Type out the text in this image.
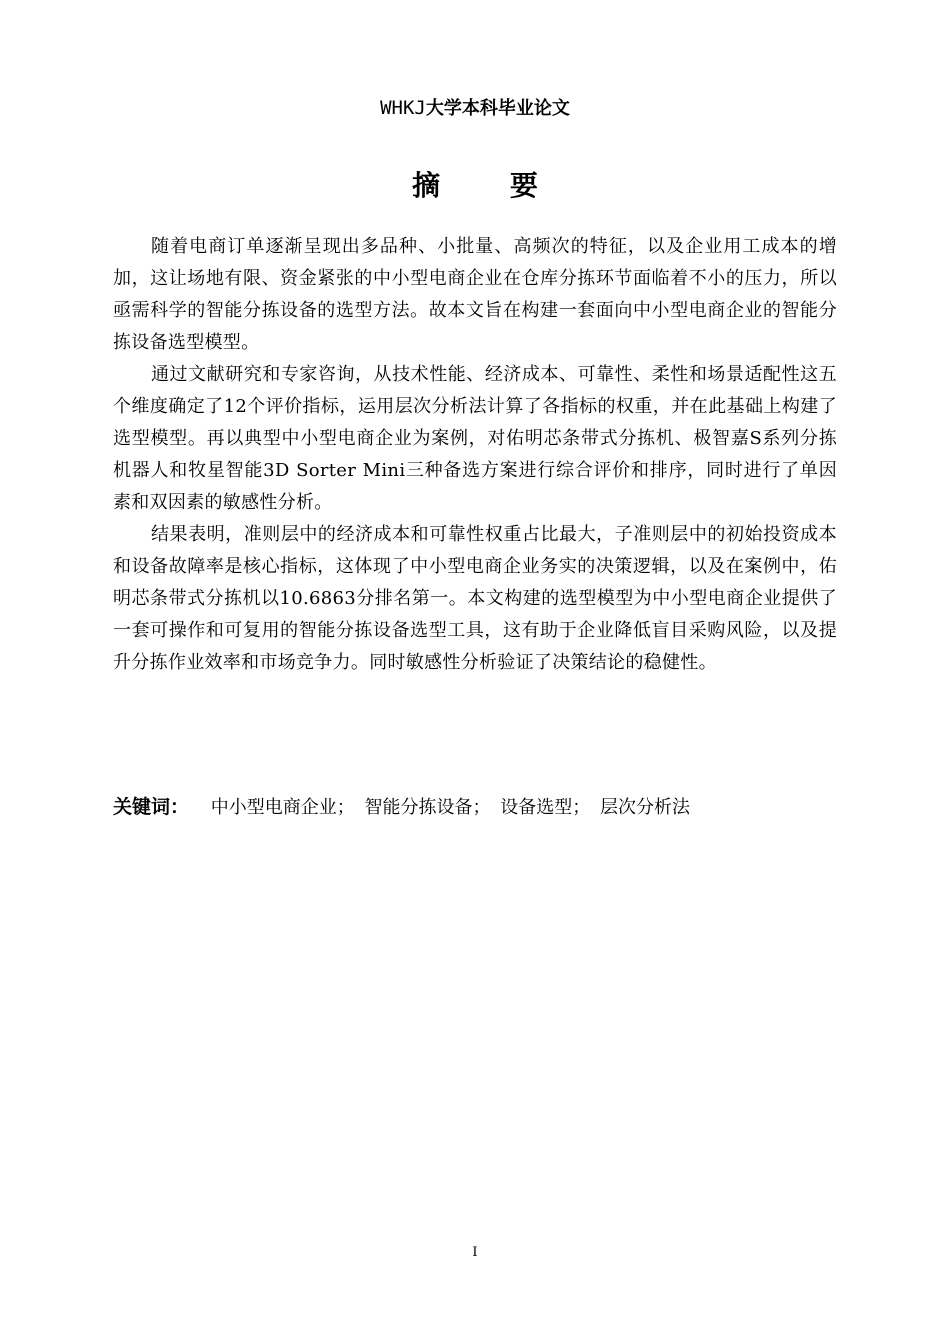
WHKJ大学本科毕业论文
摘 要

随着电商订单逐渐呈现出多品种、小批量、高频次的特征，以及企业用工成本的增加，这让场地有限、资金紧张的中小型电商企业在仓库分拣环节面临着不小的压力，所以亟需科学的智能分拣设备的选型方法。故本文旨在构建一套面向中小型电商企业的智能分拣设备选型模型。

通过文献研究和专家咨询，从技术性能、经济成本、可靠性、柔性和场景适配性这五个维度确定了12个评价指标，运用层次分析法计算了各指标的权重，并在此基础上构建了选型模型。再以典型中小型电商企业为案例，对佑明芯条带式分拣机、极智嘉S系列分拣机器人和牧星智能3D Sorter Mini三种备选方案进行综合评价和排序，同时进行了单因素和双因素的敏感性分析。

结果表明，准则层中的经济成本和可靠性权重占比最大，子准则层中的初始投资成本和设备故障率是核心指标，这体现了中小型电商企业务实的决策逻辑，以及在案例中，佑明芯条带式分拣机以10.6863分排名第一。本文构建的选型模型为中小型电商企业提供了一套可操作和可复用的智能分拣设备选型工具，这有助于企业降低盲目采购风险，以及提升分拣作业效率和市场竞争力。同时敏感性分析验证了决策结论的稳健性。

关键词： 中小型电商企业； 智能分拣设备； 设备选型； 层次分析法
I
